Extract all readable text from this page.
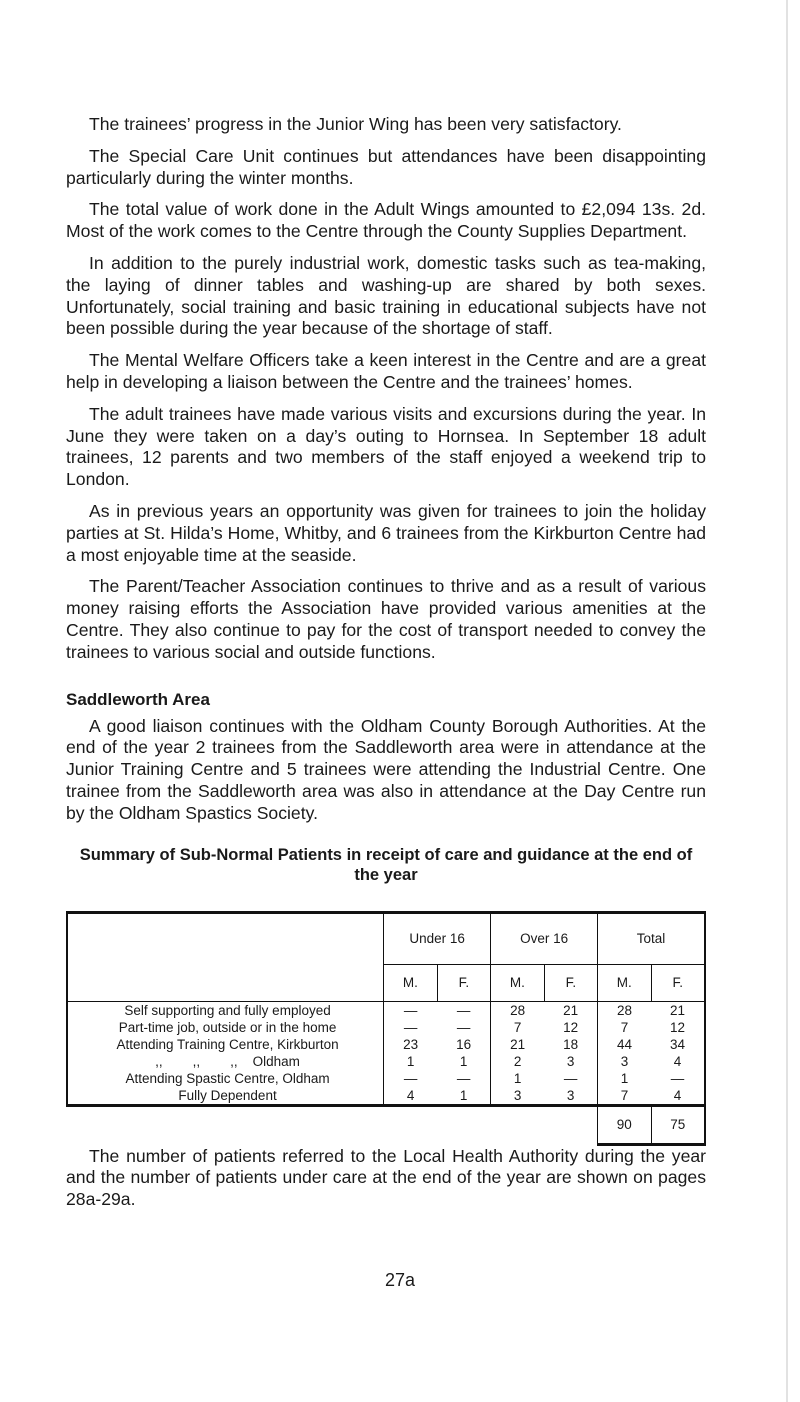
The trainees’ progress in the Junior Wing has been very satisfactory.

The Special Care Unit continues but attendances have been disappointing particularly during the winter months.

The total value of work done in the Adult Wings amounted to £2,094 13s. 2d. Most of the work comes to the Centre through the County Supplies Department.

In addition to the purely industrial work, domestic tasks such as tea-making, the laying of dinner tables and washing-up are shared by both sexes. Unfortunately, social training and basic training in educational subjects have not been possible during the year because of the shortage of staff.

The Mental Welfare Officers take a keen interest in the Centre and are a great help in developing a liaison between the Centre and the trainees’ homes.

The adult trainees have made various visits and excursions during the year. In June they were taken on a day’s outing to Hornsea. In September 18 adult trainees, 12 parents and two members of the staff enjoyed a weekend trip to London.

As in previous years an opportunity was given for trainees to join the holiday parties at St. Hilda’s Home, Whitby, and 6 trainees from the Kirkburton Centre had a most enjoyable time at the seaside.

The Parent/Teacher Association continues to thrive and as a result of various money raising efforts the Association have provided various amenities at the Centre. They also continue to pay for the cost of transport needed to convey the trainees to various social and outside functions.

Saddleworth Area

A good liaison continues with the Oldham County Borough Authorities. At the end of the year 2 trainees from the Saddleworth area were in attendance at the Junior Training Centre and 5 trainees were attending the Industrial Centre. One trainee from the Saddleworth area was also in attendance at the Day Centre run by the Oldham Spastics Society.

Summary of Sub-Normal Patients in receipt of care and guidance at the end of the year
	Under 16		Over 16		Total	
	M.	F.	M.	F.	M.	F.
Self supporting and fully employed	—	—	28	21	28	21
Part-time job, outside or in the home	—	—	7	12	7	12
Attending Training Centre, Kirkburton	23	16	21	18	44	34
,,        ,,        ,,    Oldham	1	1	2	3	3	4
Attending Spastic Centre, Oldham	—	—	1	—	1	—
Fully Dependent	4	1	3	3	7	4
					90	75

The number of patients referred to the Local Health Authority during the year and the number of patients under care at the end of the year are shown on pages 28a-29a.

27a
